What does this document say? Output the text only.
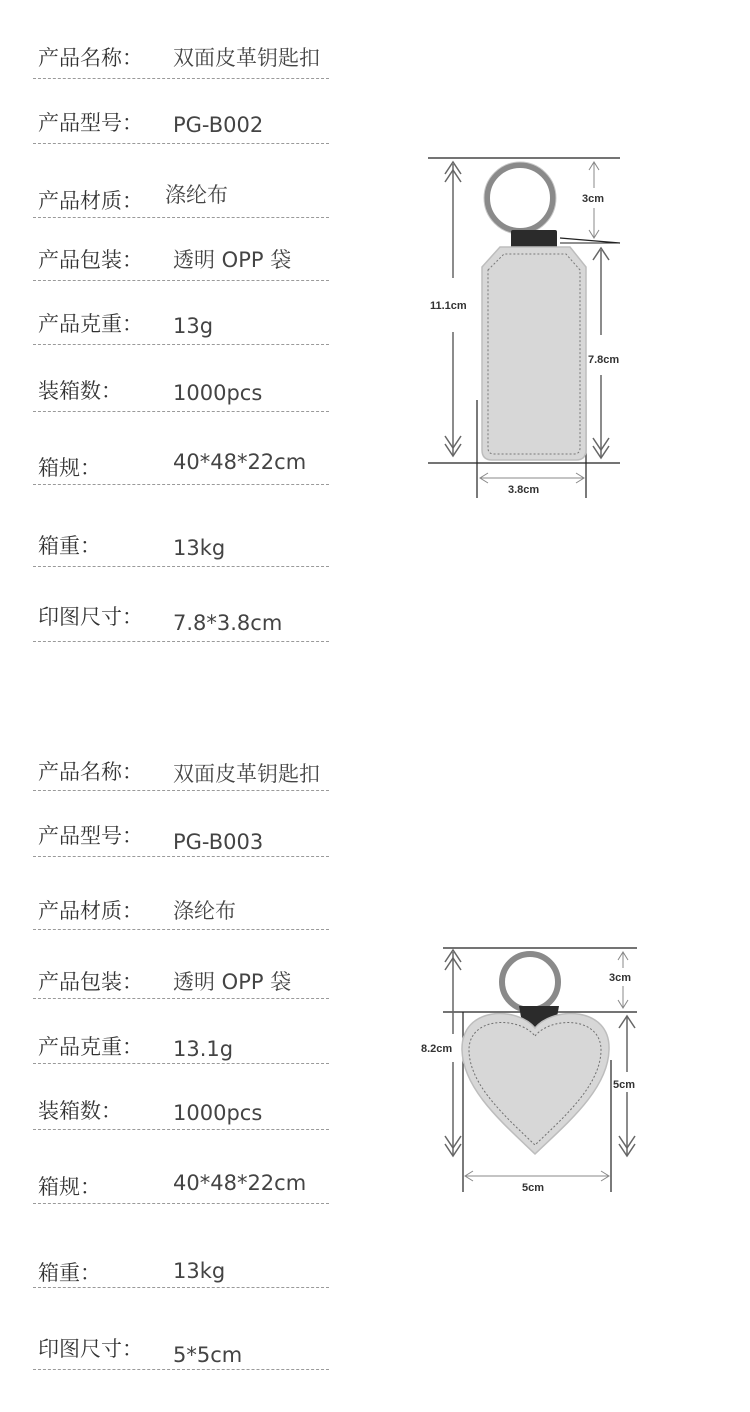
产品名称： 双面皮革钥匙扣
产品型号： PG-B002
产品材质： 涤纶布
产品包装： 透明 OPP 袋
产品克重： 13g
装箱数： 1000pcs
箱规：	40*48*22cm
箱重：	13kg
印图尺寸： 7.8*3.8cm
11.1cm
3cm
7.8cm
3.8cm
产品名称： 双面皮革钥匙扣
产品型号： PG-B003
产品材质： 涤纶布
产品包装： 透明 OPP 袋
产品克重： 13.1g
装箱数： 1000pcs
箱规：	40*48*22cm
箱重：	13kg
印图尺寸： 5*5cm
8.2cm
3cm
5cm
5cm
